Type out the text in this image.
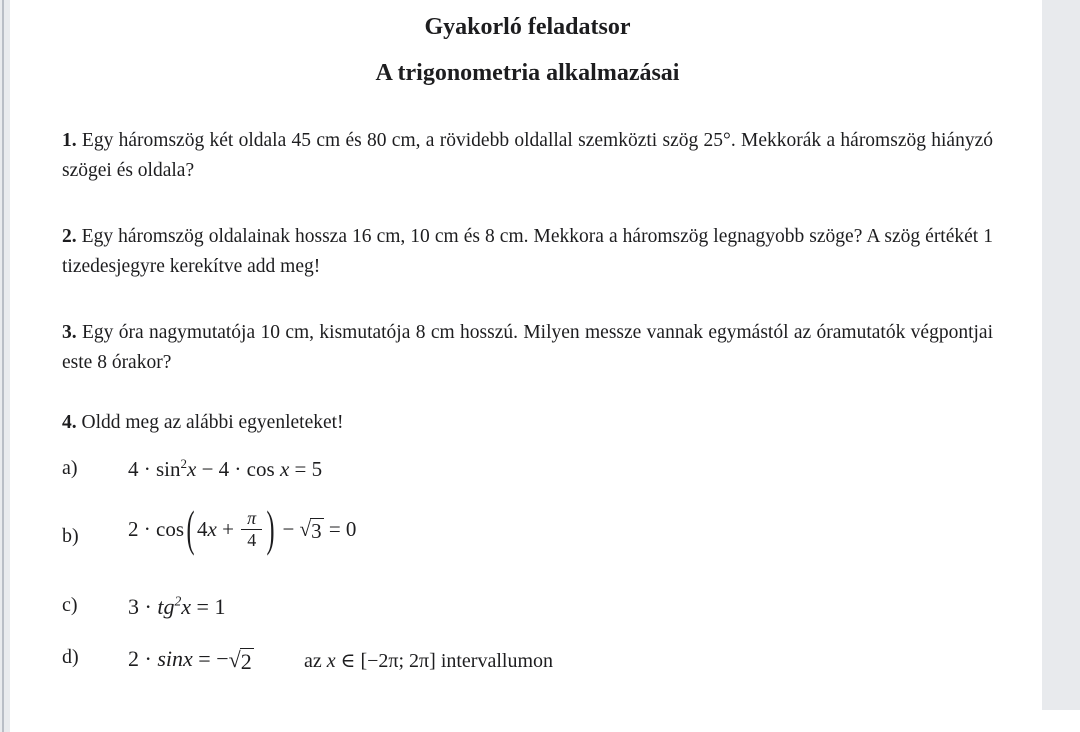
Gyakorló feladatsor
A trigonometria alkalmazásai
1. Egy háromszög két oldala 45 cm és 80 cm, a rövidebb oldallal szemközti szög 25°. Mekkorák a háromszög hiányzó szögei és oldala?
2. Egy háromszög oldalainak hossza 16 cm, 10 cm és 8 cm. Mekkora a háromszög legnagyobb szöge? A szög értékét 1 tizedesjegyre kerekítve add meg!
3. Egy óra nagymutatója 10 cm, kismutatója 8 cm hosszú. Milyen messze vannak egymástól az óramutatók végpontjai este 8 órakor?
4. Oldd meg az alábbi egyenleteket!
a) $4 \cdot \sin^2x - 4 \cdot \cos x = 5$
b) 2 · cos ( 4 $x + \frac{\pi}{4}$ ) − √ 3 = 0
c) $3 \cdot tg^2x = 1$
d) 2 · sinx = − √ 2	az x ∈ [−2π; 2π] intervallumon
